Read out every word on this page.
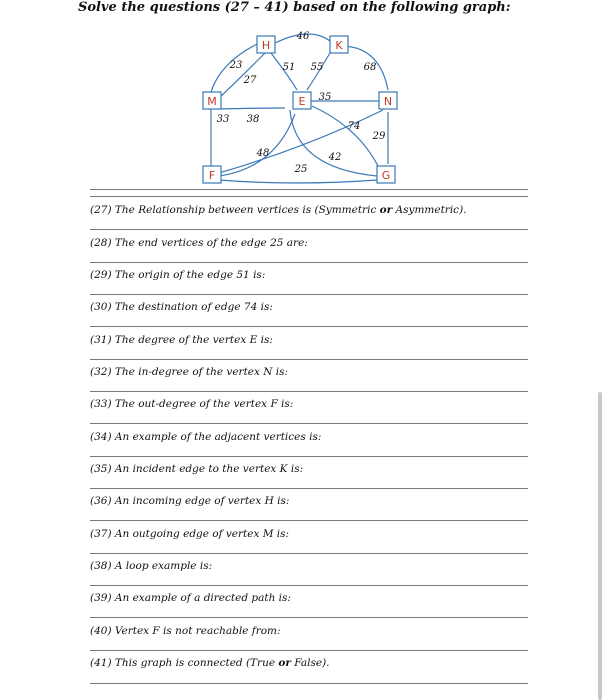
Solve the questions (27 – 41) based on the following graph:
H	K
M	E	N
F	G
46
23
27
51 55	68
35
33 38
74
29
48	42
25
(27) The Relationship between vertices is (Symmetric or Asymmetric).
(28) The end vertices of the edge 25 are:
(29) The origin of the edge 51 is:
(30) The destination of edge 74 is:
(31) The degree of the vertex E is:
(32) The in-degree of the vertex N is:
(33) The out-degree of the vertex F is:
(34) An example of the adjacent vertices is:
(35) An incident edge to the vertex K is:
(36) An incoming edge of vertex H is:
(37) An outgoing edge of vertex M is:
(38) A loop example is:
(39) An example of a directed path is:
(40) Vertex F is not reachable from:
(41) This graph is connected (True or False).
